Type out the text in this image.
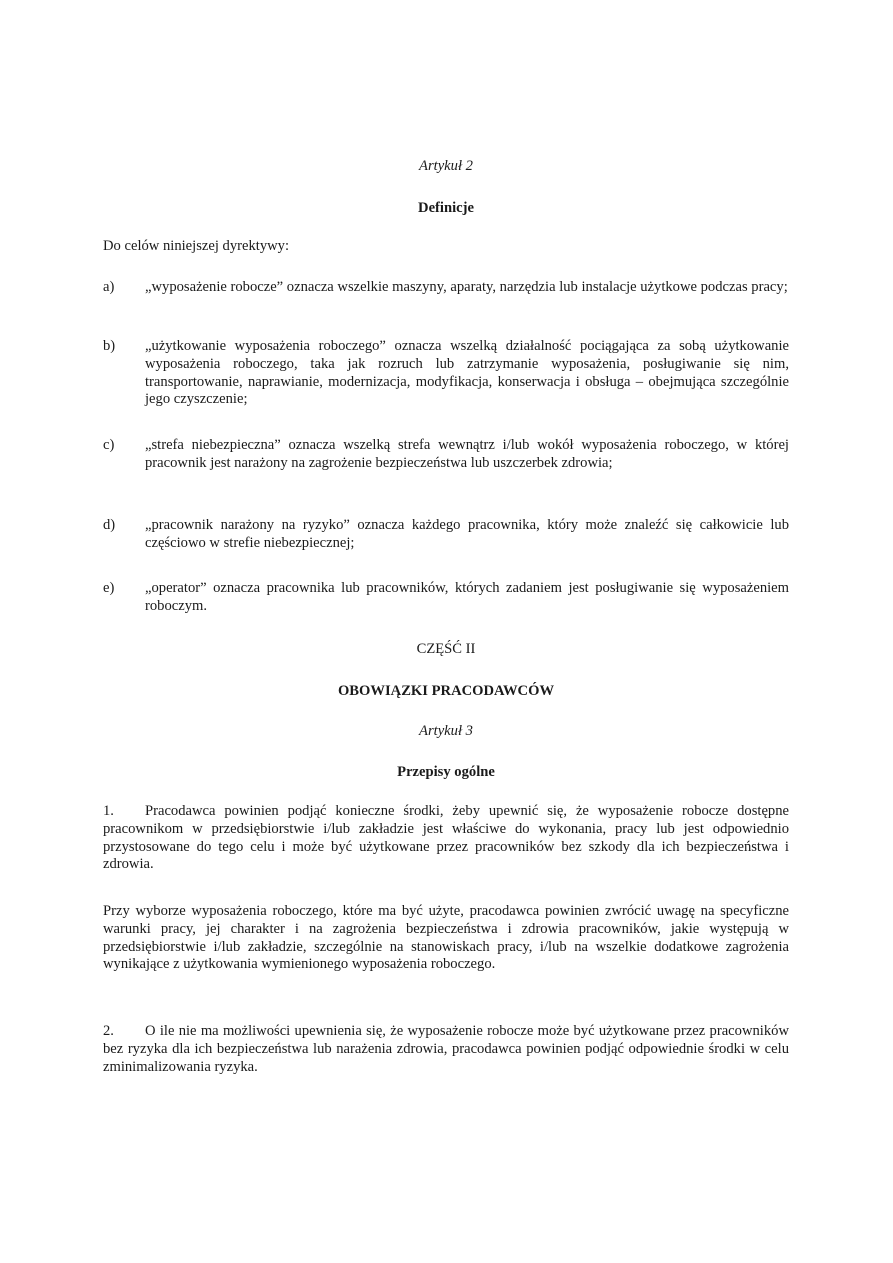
Artykuł 2
Definicje
Do celów niniejszej dyrektywy:
a)	„wyposażenie robocze” oznacza wszelkie maszyny, aparaty, narzędzia lub instalacje użytkowe podczas pracy;
b)	„użytkowanie wyposażenia roboczego” oznacza wszelką działalność pociągająca za sobą użytkowanie wyposażenia roboczego, taka jak rozruch lub zatrzymanie wyposażenia, posługiwanie się nim, transportowanie, naprawianie, modernizacja, modyfikacja, konserwacja i obsługa – obejmująca szczególnie jego czyszczenie;
c)	„strefa niebezpieczna” oznacza wszelką strefa wewnątrz i/lub wokół wyposażenia roboczego, w której pracownik jest narażony na zagrożenie bezpieczeństwa lub uszczerbek zdrowia;
d)	„pracownik narażony na ryzyko” oznacza każdego pracownika, który może znaleźć się całkowicie lub częściowo w strefie niebezpiecznej;
e)	„operator” oznacza pracownika lub pracowników, których zadaniem jest posługiwanie się wyposażeniem roboczym.
CZĘŚĆ II
OBOWIĄZKI PRACODAWCÓW
Artykuł 3
Przepisy ogólne
1. Pracodawca powinien podjąć konieczne środki, żeby upewnić się, że wyposażenie robocze dostępne pracownikom w przedsiębiorstwie i/lub zakładzie jest właściwe do wykonania, pracy lub jest odpowiednio przystosowane do tego celu i może być użytkowane przez pracowników bez szkody dla ich bezpieczeństwa i zdrowia.
Przy wyborze wyposażenia roboczego, które ma być użyte, pracodawca powinien zwrócić uwagę na specyficzne warunki pracy, jej charakter i na zagrożenia bezpieczeństwa i zdrowia pracowników, jakie występują w przedsiębiorstwie i/lub zakładzie, szczególnie na stanowiskach pracy, i/lub na wszelkie dodatkowe zagrożenia wynikające z użytkowania wymienionego wyposażenia roboczego.
2. O ile nie ma możliwości upewnienia się, że wyposażenie robocze może być użytkowane przez pracowników bez ryzyka dla ich bezpieczeństwa lub narażenia zdrowia, pracodawca powinien podjąć odpowiednie środki w celu zminimalizowania ryzyka.
